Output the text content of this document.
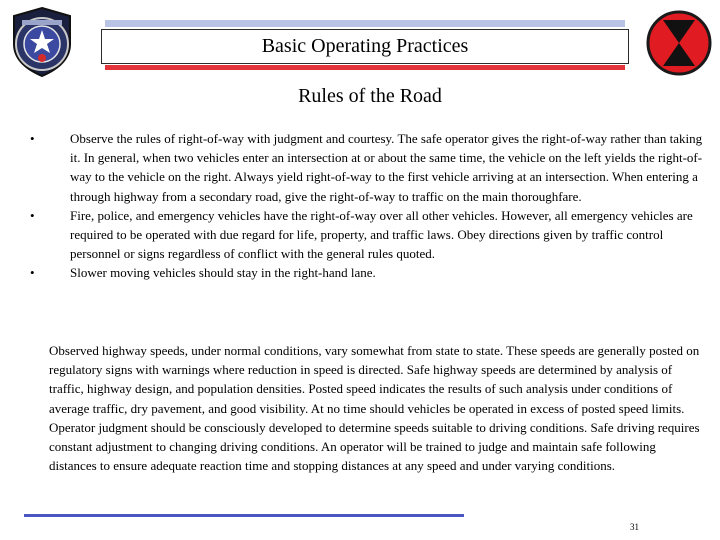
Basic Operating Practices
Rules of the Road
•	Observe the rules of right-of-way with judgment and courtesy. The safe operator gives the right-of-way rather than taking it. In general, when two vehicles enter an intersection at or about the same time, the vehicle on the left yields the right-of-way to the vehicle on the right. Always yield right-of-way to the first vehicle arriving at an intersection. When entering a through highway from a secondary road, give the right-of-way to traffic on the main thoroughfare.
•	Fire, police, and emergency vehicles have the right-of-way over all other vehicles. However, all emergency vehicles are required to be operated with due regard for life, property, and traffic laws. Obey directions given by traffic control personnel or signs regardless of conflict with the general rules quoted.
•	Slower moving vehicles should stay in the right-hand lane.
Observed highway speeds, under normal conditions, vary somewhat from state to state. These speeds are generally posted on regulatory signs with warnings where reduction in speed is directed. Safe highway speeds are determined by analysis of traffic, highway design, and population densities. Posted speed indicates the results of such analysis under conditions of average traffic, dry pavement, and good visibility. At no time should vehicles be operated in excess of posted speed limits. Operator judgment should be consciously developed to determine speeds suitable to driving conditions. Safe driving requires constant adjustment to changing driving conditions. An operator will be trained to judge and maintain safe following distances to ensure adequate reaction time and stopping distances at any speed and under varying conditions.
31
